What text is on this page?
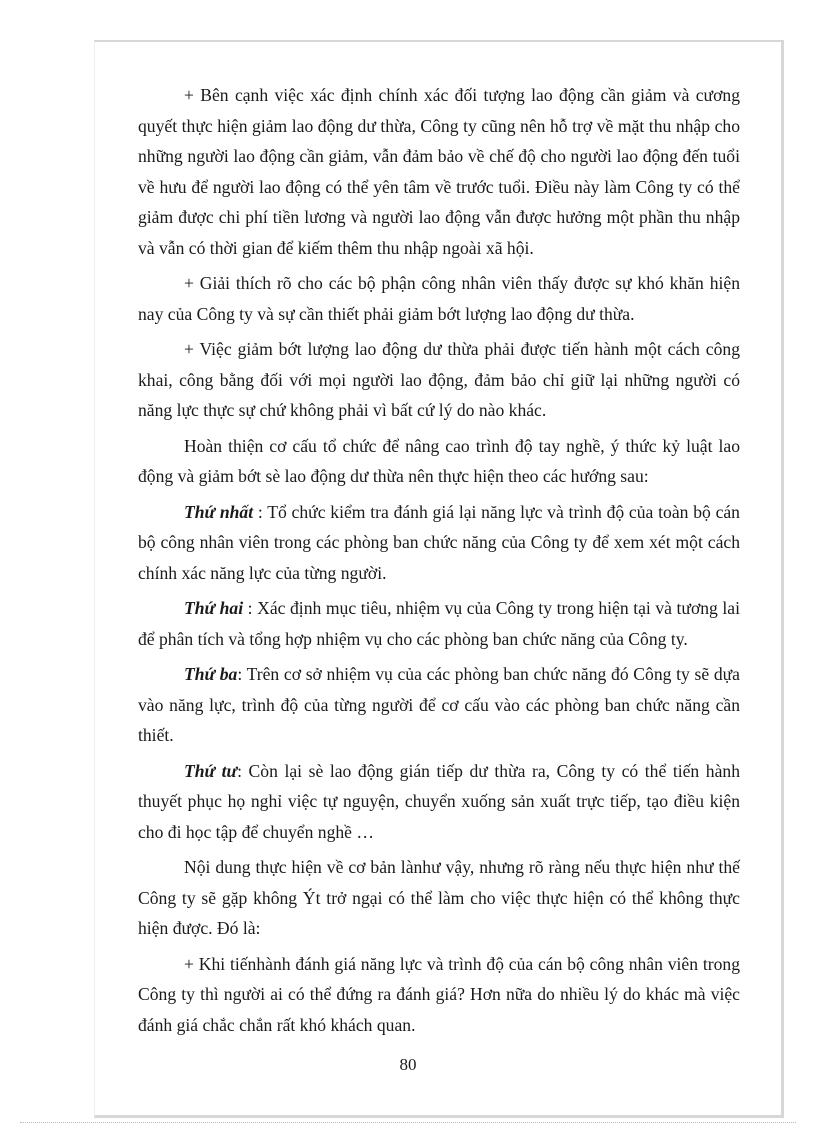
+ Bên cạnh việc xác định chính xác đối tượng lao động cần giảm và cương quyết thực hiện giảm lao động dư thừa, Công ty cũng nên hỗ trợ về mặt thu nhập cho những người lao động cần giảm, vẫn đảm bảo về chế độ cho người lao động đến tuổi về hưu để người lao động có thể yên tâm về trước tuổi. Điều này làm Công ty có thể giảm được chi phí tiền lương và người lao động vẫn được hưởng một phần thu nhập và vẫn có thời gian để kiếm thêm thu nhập ngoài xã hội.

+ Giải thích rõ cho các bộ phận công nhân viên thấy được sự khó khăn hiện nay của Công ty và sự cần thiết phải giảm bớt lượng lao động dư thừa.

+ Việc giảm bớt lượng lao động dư thừa phải được tiến hành một cách công khai, công bằng đối với mọi người lao động, đảm bảo chỉ giữ lại những người có năng lực thực sự chứ không phải vì bất cứ lý do nào khác.

Hoàn thiện cơ cấu tổ chức để nâng cao trình độ tay nghề, ý thức kỷ luật lao động và giảm bớt sè lao động dư thừa nên thực hiện theo các hướng sau:

Thứ nhất : Tổ chức kiểm tra đánh giá lại năng lực và trình độ của toàn bộ cán bộ công nhân viên trong các phòng ban chức năng của Công ty để xem xét một cách chính xác năng lực của từng người.

Thứ hai : Xác định mục tiêu, nhiệm vụ của Công ty trong hiện tại và tương lai để phân tích và tổng hợp nhiệm vụ cho các phòng ban chức năng của Công ty.

Thứ ba: Trên cơ sở nhiệm vụ của các phòng ban chức năng đó Công ty sẽ dựa vào năng lực, trình độ của từng người để cơ cấu vào các phòng ban chức năng cần thiết.

Thứ tư: Còn lại sè lao động gián tiếp dư thừa ra, Công ty có thể tiến hành thuyết phục họ nghỉ việc tự nguyện, chuyển xuống sản xuất trực tiếp, tạo điều kiện cho đi học tập để chuyển nghề …

Nội dung thực hiện về cơ bản lànhư vậy, nhưng rõ ràng nếu thực hiện như thế Công ty sẽ gặp không Ýt trở ngại có thể làm cho việc thực hiện có thể không thực hiện được. Đó là:

+ Khi tiếnhành đánh giá năng lực và trình độ của cán bộ công nhân viên trong Công ty thì người ai có thể đứng ra đánh giá? Hơn nữa do nhiều lý do khác mà việc đánh giá chắc chắn rất khó khách quan.

80
